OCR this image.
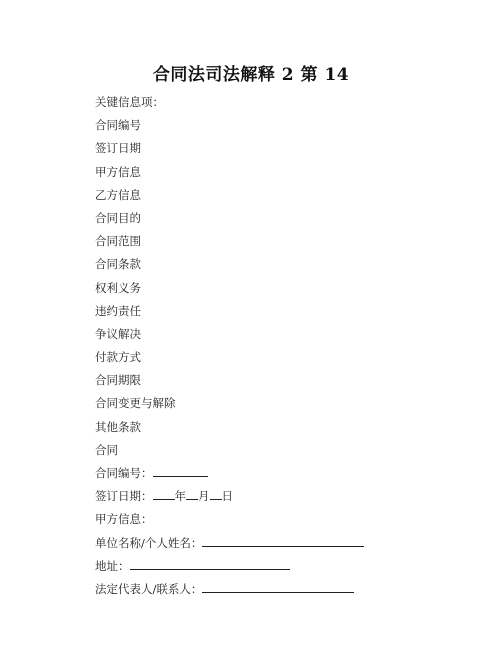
合同法司法解释 2 第 14
关键信息项：
合同编号
签订日期
甲方信息
乙方信息
合同目的
合同范围
合同条款
权利义务
违约责任
争议解决
付款方式
合同期限
合同变更与解除
其他条款
合同
合同编号：
签订日期： 年 月 日
甲方信息：
单位名称/个人姓名：
地址：
法定代表人/联系人：
